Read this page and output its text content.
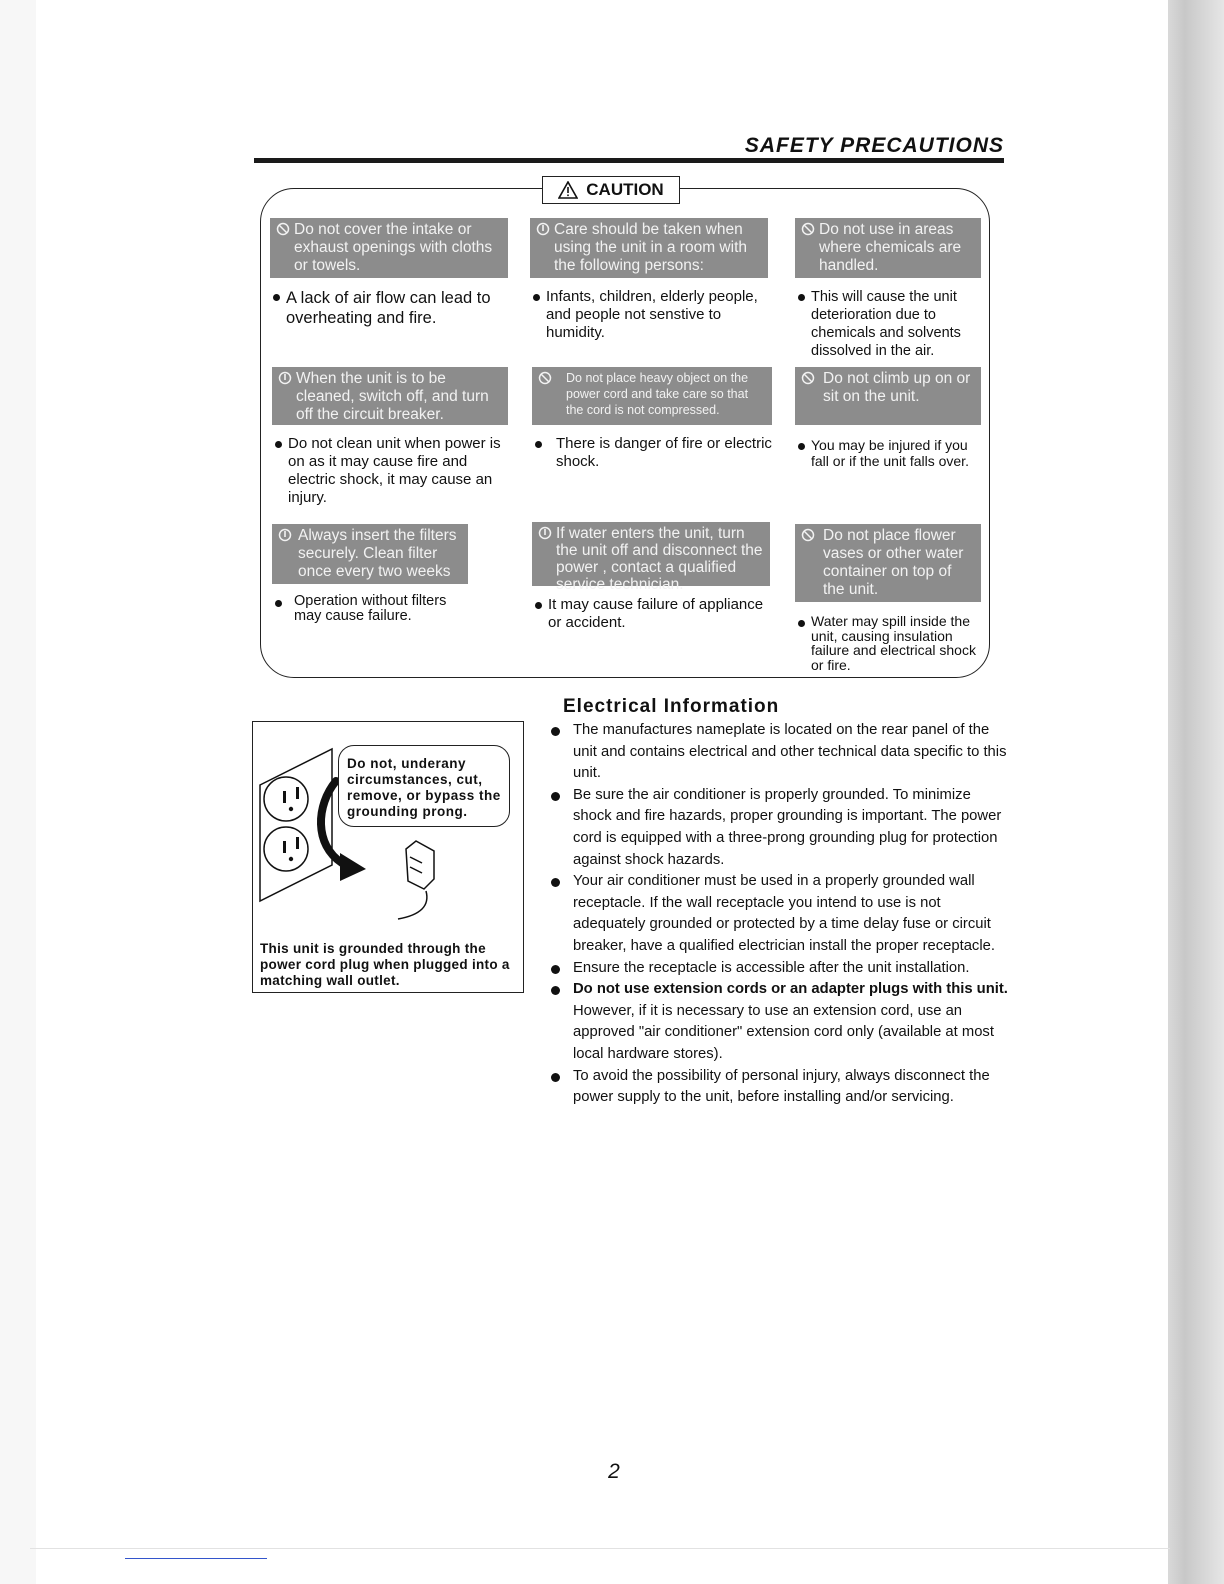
SAFETY PRECAUTIONS
CAUTION
Do not cover the intake or exhaust openings with cloths or towels.
A lack of air flow can lead to overheating and fire.
Care should be taken when using the unit in a room with the following persons:
Infants, children, elderly people, and people not senstive to humidity.
Do not use in areas where chemicals are handled.
This will cause the unit deterioration due to chemicals and solvents dissolved in the air.
When the unit is to be cleaned, switch off, and turn off the circuit breaker.
Do not clean unit when power is on as it may cause fire and electric shock, it may cause an injury.
Do not place heavy object on the power cord and take care so that the cord is not compressed.
There is danger of fire or electric shock.
Do not climb up on or sit on the unit.
You may be injured if you fall or if the unit falls over.
Always insert the filters securely. Clean filter once every two weeks
Operation without filters may cause failure.
If water enters the unit, turn the unit off and disconnect the power , contact a qualified service technician.
It may cause failure of appliance or accident.
Do not place flower vases or other water container on top of the unit.
Water may spill inside the unit, causing insulation failure and electrical shock or fire.
Do not, underany circumstances, cut, remove, or bypass the grounding prong.
This unit is grounded through the power cord plug when plugged into a matching wall outlet.
Electrical Information
The manufactures nameplate is located on the rear panel of the unit and contains electrical and other technical data specific to this unit.
Be sure the air conditioner is properly grounded. To minimize shock and fire hazards, proper grounding is important. The power cord is equipped with a three-prong grounding plug for protection against shock hazards.
Your air conditioner must be used in a properly grounded wall receptacle. If the wall receptacle you intend to use is not adequately grounded or protected by a time delay fuse or circuit breaker, have a qualified electrician install the proper receptacle.
Ensure the receptacle is accessible after the unit installation.
Do not use extension cords or an adapter plugs with this unit. However, if it is necessary to use an extension cord, use an approved "air conditioner" extension cord only (available at most local hardware stores).
To avoid the possibility of personal injury, always disconnect the power supply to the unit, before installing and/or servicing.
2
